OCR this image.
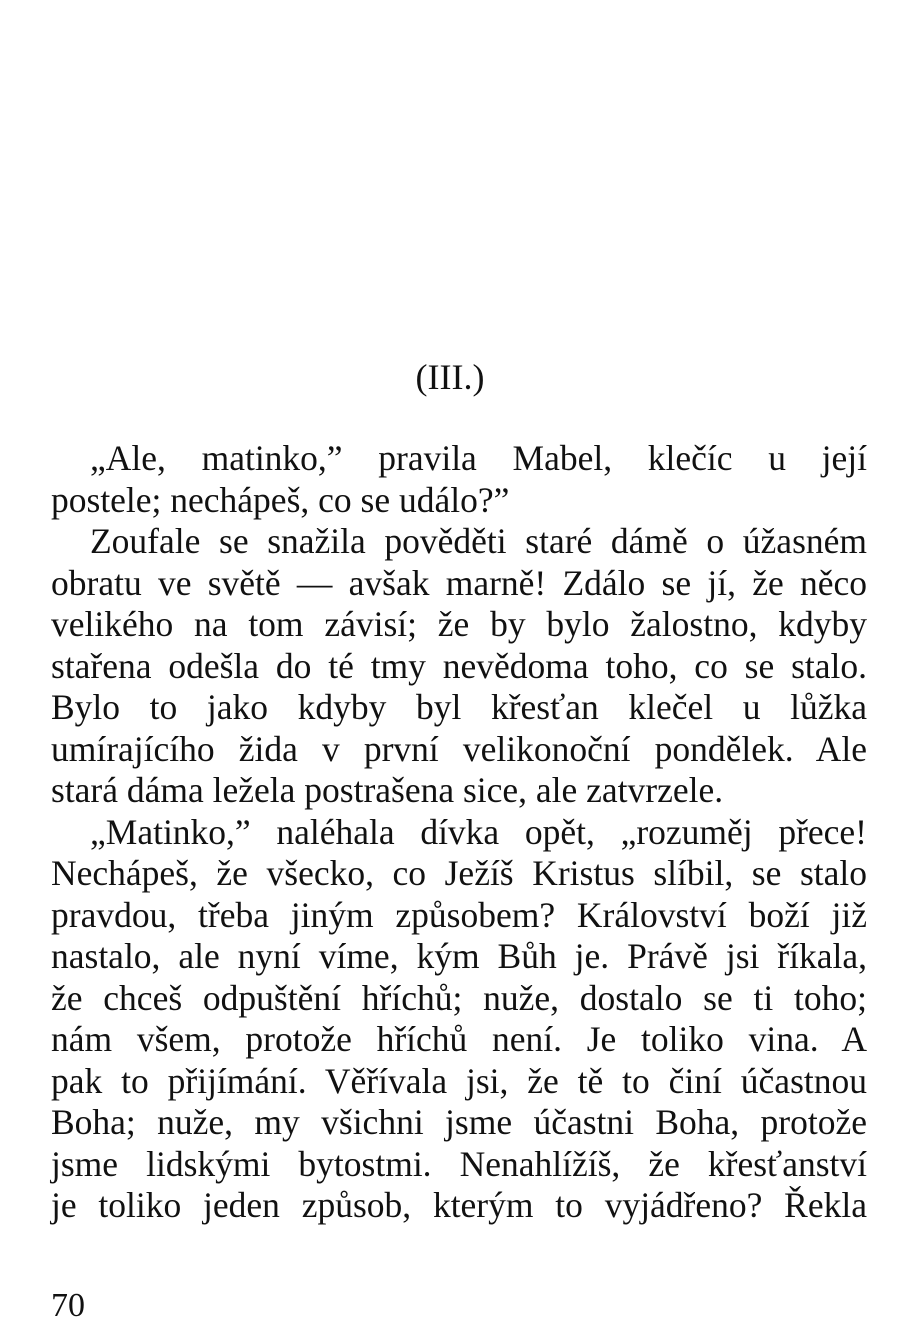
(III.)
„Ale, matinko,” pravila Mabel, klečíc u její
postele; nechápeš, co se událo?”
Zoufale se snažila pověděti staré dámě o úžasném
obratu ve světě — avšak marně! Zdálo se jí, že něco
velikého na tom závisí; že by bylo žalostno, kdyby
stařena odešla do té tmy nevědoma toho, co se stalo.
Bylo to jako kdyby byl křesťan klečel u lůžka
umírajícího žida v první velikonoční pondělek. Ale
stará dáma ležela postrašena sice, ale zatvrzele.
„Matinko,” naléhala dívka opět, „rozuměj přece!
Nechápeš, že všecko, co Ježíš Kristus slíbil, se stalo
pravdou, třeba jiným způsobem? Království boží již
nastalo, ale nyní víme, kým Bůh je. Právě jsi říkala,
že chceš odpuštění hříchů; nuže, dostalo se ti toho;
nám všem, protože hříchů není. Je toliko vina. A
pak to přijímání. Věřívala jsi, že tě to činí účastnou
Boha; nuže, my všichni jsme účastni Boha, protože
jsme lidskými bytostmi. Nenahlížíš, že křesťanství
je toliko jeden způsob, kterým to vyjádřeno? Řekla
70
